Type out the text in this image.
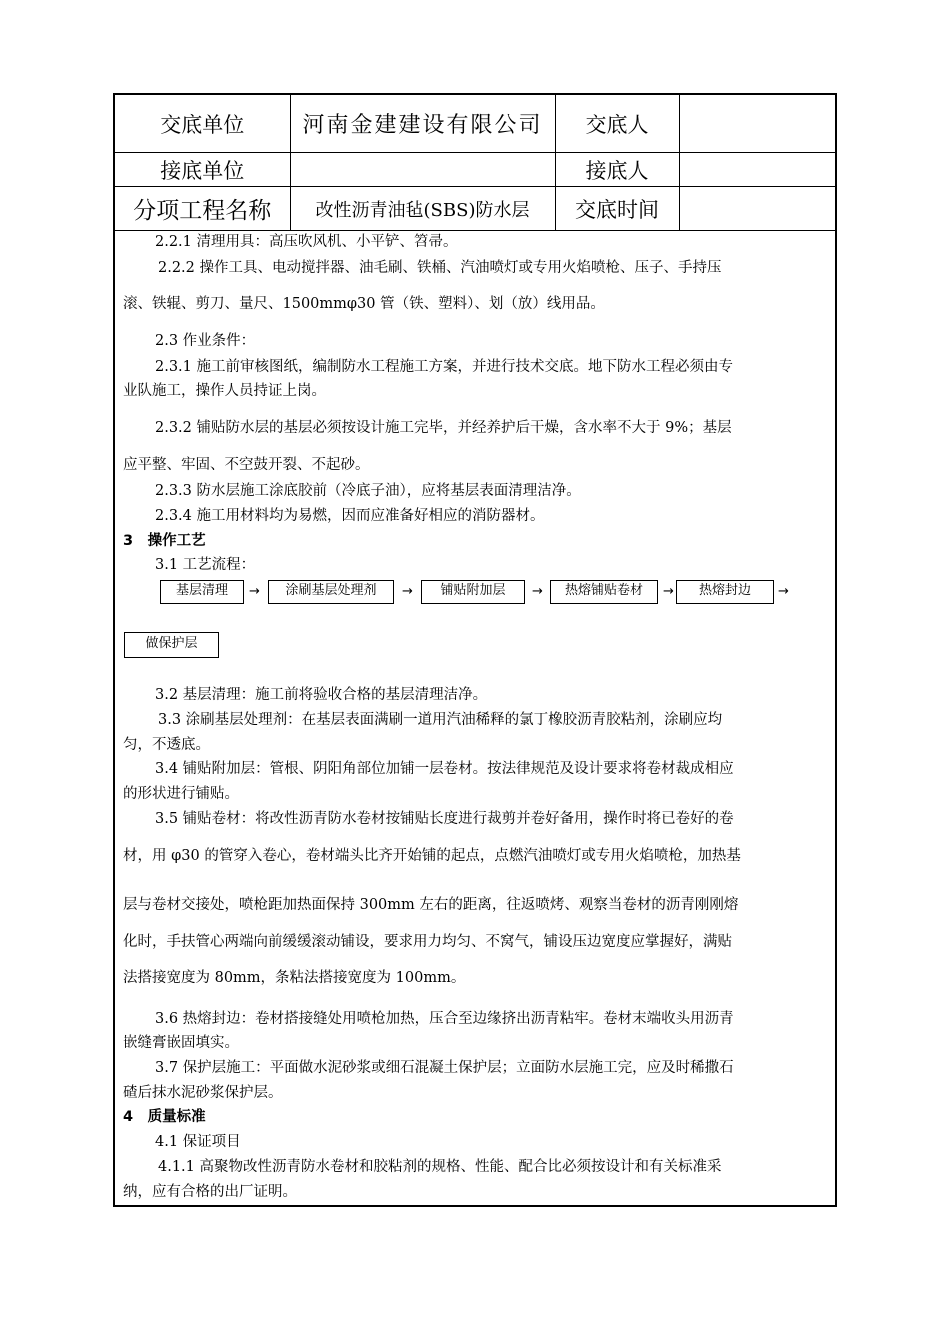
交底单位	河南金建建设有限公司	交底人	
接底单位		接底人	
分项工程名称	改性沥青油毡(SBS)防水层	交底时间	
2.2.1 清理用具：高压吹风机、小平铲、笤帚。
2.2.2 操作工具、电动搅拌器、油毛刷、铁桶、汽油喷灯或专用火焰喷枪、压子、手持压
滚、铁辊、剪刀、量尺、1500mmφ30 管（铁、塑料）、划（放）线用品。
2.3 作业条件：
2.3.1 施工前审核图纸，编制防水工程施工方案，并进行技术交底。地下防水工程必须由专
业队施工，操作人员持证上岗。
2.3.2 铺贴防水层的基层必须按设计施工完毕，并经养护后干燥，含水率不大于 9%；基层
应平整、牢固、不空鼓开裂、不起砂。
2.3.3 防水层施工涂底胶前（冷底子油），应将基层表面清理洁净。
2.3.4 施工用材料均为易燃，因而应准备好相应的消防器材。
3　操作工艺
3.1 工艺流程：
基层清理	→	涂刷基层处理剂	→	铺贴附加层	→	热熔铺贴卷材	→	热熔封边	→
做保护层
3.2 基层清理：施工前将验收合格的基层清理洁净。
3.3 涂刷基层处理剂：在基层表面满刷一道用汽油稀释的氯丁橡胶沥青胶粘剂，涂刷应均
匀，不透底。
3.4 铺贴附加层：管根、阴阳角部位加铺一层卷材。按法律规范及设计要求将卷材裁成相应
的形状进行铺贴。
3.5 铺贴卷材：将改性沥青防水卷材按铺贴长度进行裁剪并卷好备用，操作时将已卷好的卷
材，用 φ30 的管穿入卷心，卷材端头比齐开始铺的起点，点燃汽油喷灯或专用火焰喷枪，加热基
层与卷材交接处，喷枪距加热面保持 300mm 左右的距离，往返喷烤、观察当卷材的沥青刚刚熔
化时，手扶管心两端向前缓缓滚动铺设，要求用力均匀、不窝气，铺设压边宽度应掌握好，满贴
法搭接宽度为 80mm，条粘法搭接宽度为 100mm。
3.6 热熔封边：卷材搭接缝处用喷枪加热，压合至边缘挤出沥青粘牢。卷材末端收头用沥青
嵌缝膏嵌固填实。
3.7 保护层施工：平面做水泥砂浆或细石混凝土保护层；立面防水层施工完，应及时稀撒石
碴后抹水泥砂浆保护层。
4　质量标准
4.1 保证项目
4.1.1 高聚物改性沥青防水卷材和胶粘剂的规格、性能、配合比必须按设计和有关标准采
纳，应有合格的出厂证明。
